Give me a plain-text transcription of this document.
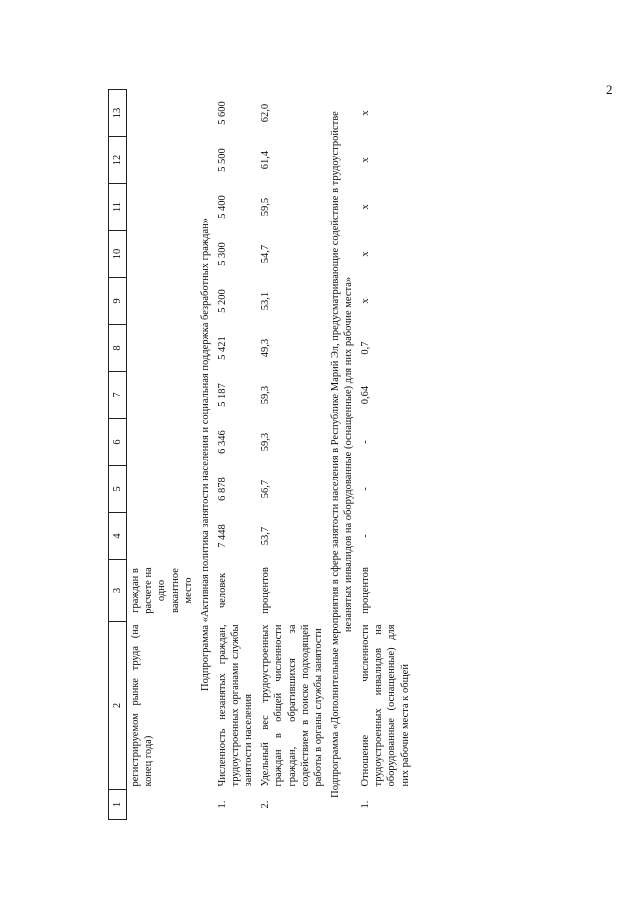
2
1	2	3	4	5	6	7	8	9	10	11	12	13
	регистрируемом рынке труда (на конец года)	граждан в расчете на одно вакантное место										
Подпрограмма «Активная политика занятости населения и социальная поддержка безработных граждан»												
1.	Численность незанятых граждан, трудоустроенных органами службы занятости населения	человек	7 448	6 878	6 346	5 187	5 421	5 200	5 300	5 400	5 500	5 600
2.	Удельный вес трудоустроенных граждан в общей численности граждан, обратившихся за содействием в поиске подходящей работы в органы службы занятости	процентов	53,7	56,7	59,3	59,3	49,3	53,1	54,7	59,5	61,4	62,0
Подпрограмма «Дополнительные мероприятия в сфере занятости населения в Республике Марий Эл, предусматривающие содействие в трудоустройстве незанятых инвалидов на оборудованные (оснащенные) для них рабочие места»												
1.	Отношение численности трудоустроенных инвалидов на оборудованные (оснащенные) для них рабочие места к общей	процентов	-	-	-	0,64	0,7	x	x	x	x	x
